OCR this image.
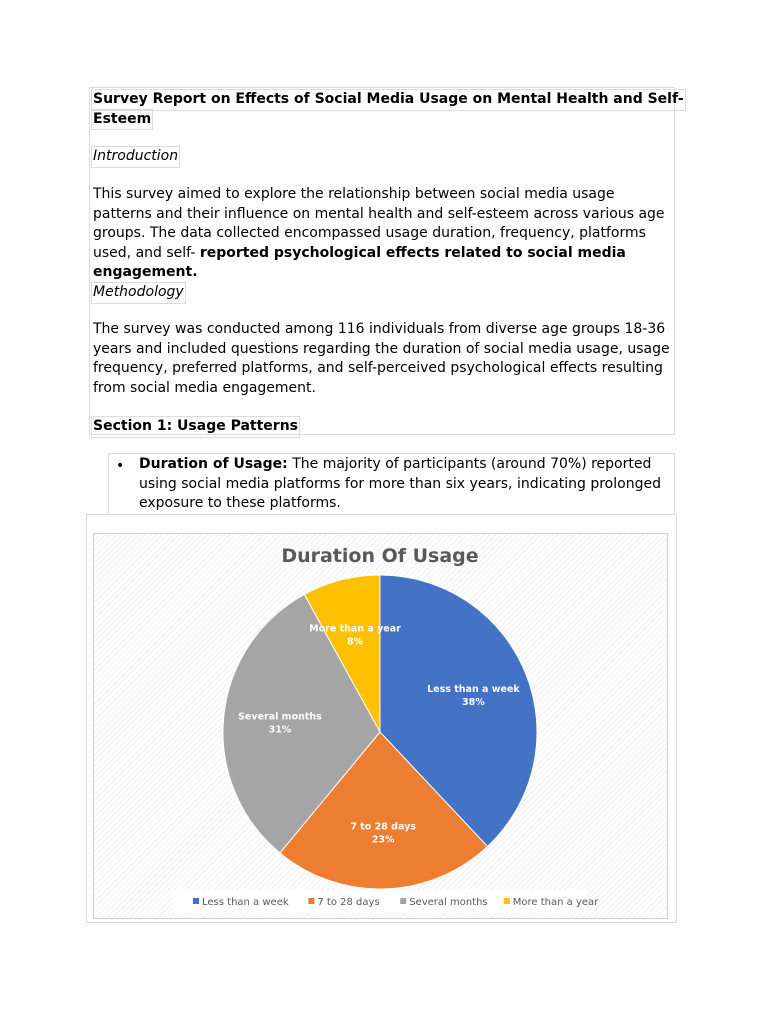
Survey Report on Effects of Social Media Usage on Mental Health and Self-
Esteem
Introduction
This survey aimed to explore the relationship between social media usage patterns and their influence on mental health and self-esteem across various age groups. The data collected encompassed usage duration, frequency, platforms used, and self- reported psychological effects related to social media engagement.
Methodology
The survey was conducted among 116 individuals from diverse age groups 18-36 years and included questions regarding the duration of social media usage, usage frequency, preferred platforms, and self-perceived psychological effects resulting from social media engagement.
Section 1: Usage Patterns
• Duration of Usage: The majority of participants (around 70%) reported using social media platforms for more than six years, indicating prolonged exposure to these platforms.
Duration Of Usage
Less than a week
38%
7 to 28 days
23%
Several months
31%
More than a year
8%
Less than a week	7 to 28 days	Several months	More than a year
